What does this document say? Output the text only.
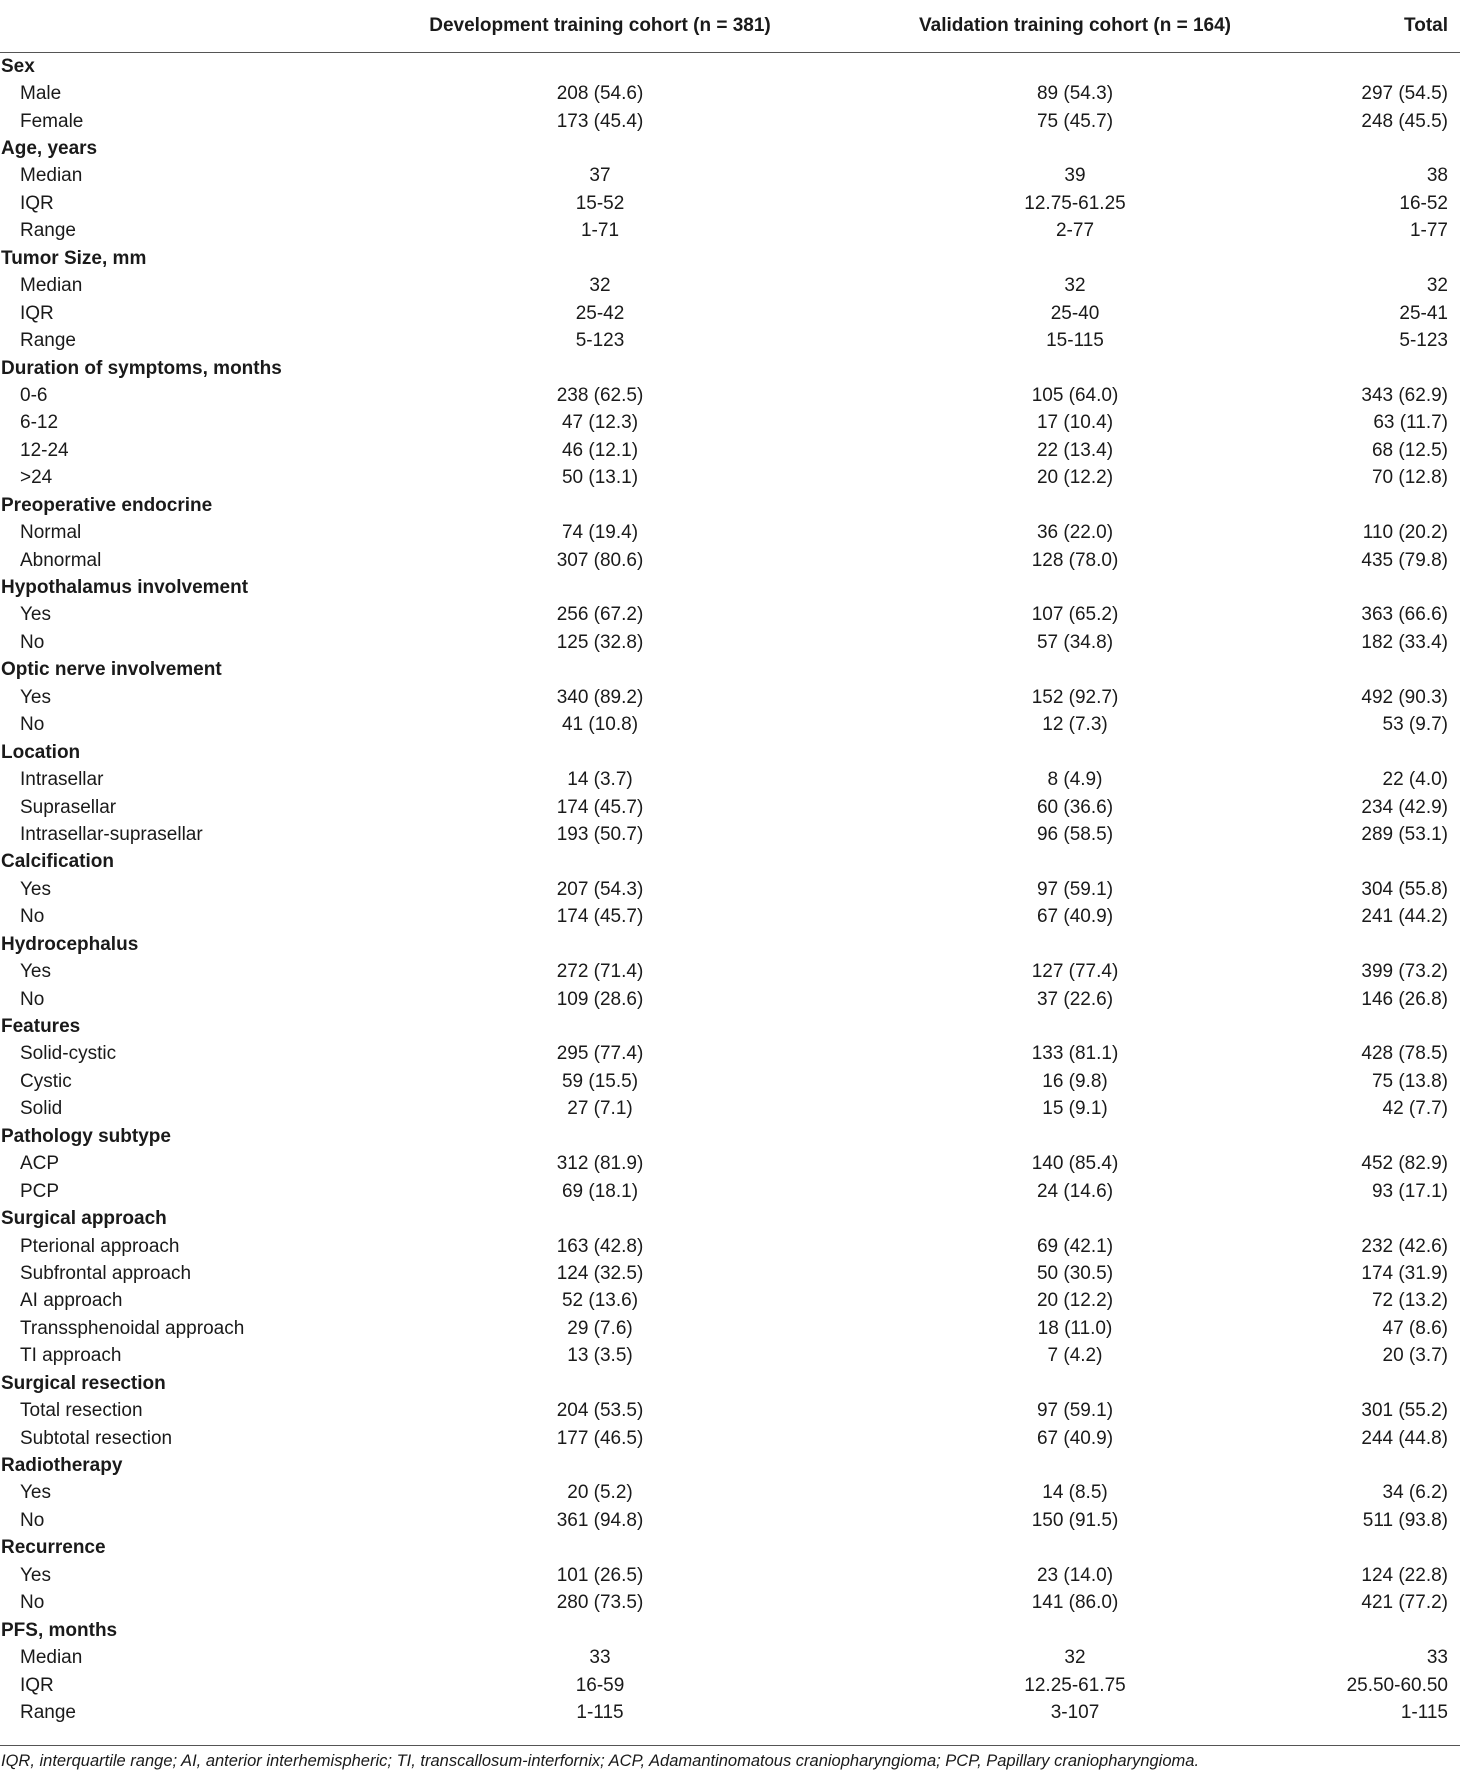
	Development training cohort (n = 381)	Validation training cohort (n = 164)	Total
Sex			
Male	208 (54.6)	89 (54.3)	297 (54.5)
Female	173 (45.4)	75 (45.7)	248 (45.5)
Age, years			
Median	37	39	38
IQR	15-52	12.75-61.25	16-52
Range	1-71	2-77	1-77
Tumor Size, mm			
Median	32	32	32
IQR	25-42	25-40	25-41
Range	5-123	15-115	5-123
Duration of symptoms, months			
0-6	238 (62.5)	105 (64.0)	343 (62.9)
6-12	47 (12.3)	17 (10.4)	63 (11.7)
12-24	46 (12.1)	22 (13.4)	68 (12.5)
>24	50 (13.1)	20 (12.2)	70 (12.8)
Preoperative endocrine			
Normal	74 (19.4)	36 (22.0)	110 (20.2)
Abnormal	307 (80.6)	128 (78.0)	435 (79.8)
Hypothalamus involvement			
Yes	256 (67.2)	107 (65.2)	363 (66.6)
No	125 (32.8)	57 (34.8)	182 (33.4)
Optic nerve involvement			
Yes	340 (89.2)	152 (92.7)	492 (90.3)
No	41 (10.8)	12 (7.3)	53 (9.7)
Location			
Intrasellar	14 (3.7)	8 (4.9)	22 (4.0)
Suprasellar	174 (45.7)	60 (36.6)	234 (42.9)
Intrasellar-suprasellar	193 (50.7)	96 (58.5)	289 (53.1)
Calcification			
Yes	207 (54.3)	97 (59.1)	304 (55.8)
No	174 (45.7)	67 (40.9)	241 (44.2)
Hydrocephalus			
Yes	272 (71.4)	127 (77.4)	399 (73.2)
No	109 (28.6)	37 (22.6)	146 (26.8)
Features			
Solid-cystic	295 (77.4)	133 (81.1)	428 (78.5)
Cystic	59 (15.5)	16 (9.8)	75 (13.8)
Solid	27 (7.1)	15 (9.1)	42 (7.7)
Pathology subtype			
ACP	312 (81.9)	140 (85.4)	452 (82.9)
PCP	69 (18.1)	24 (14.6)	93 (17.1)
Surgical approach			
Pterional approach	163 (42.8)	69 (42.1)	232 (42.6)
Subfrontal approach	124 (32.5)	50 (30.5)	174 (31.9)
AI approach	52 (13.6)	20 (12.2)	72 (13.2)
Transsphenoidal approach	29 (7.6)	18 (11.0)	47 (8.6)
TI approach	13 (3.5)	7 (4.2)	20 (3.7)
Surgical resection			
Total resection	204 (53.5)	97 (59.1)	301 (55.2)
Subtotal resection	177 (46.5)	67 (40.9)	244 (44.8)
Radiotherapy			
Yes	20 (5.2)	14 (8.5)	34 (6.2)
No	361 (94.8)	150 (91.5)	511 (93.8)
Recurrence			
Yes	101 (26.5)	23 (14.0)	124 (22.8)
No	280 (73.5)	141 (86.0)	421 (77.2)
PFS, months			
Median	33	32	33
IQR	16-59	12.25-61.75	25.50-60.50
Range	1-115	3-107	1-115
IQR, interquartile range; AI, anterior interhemispheric; TI, transcallosum-interfornix; ACP, Adamantinomatous craniopharyngioma; PCP, Papillary craniopharyngioma.
